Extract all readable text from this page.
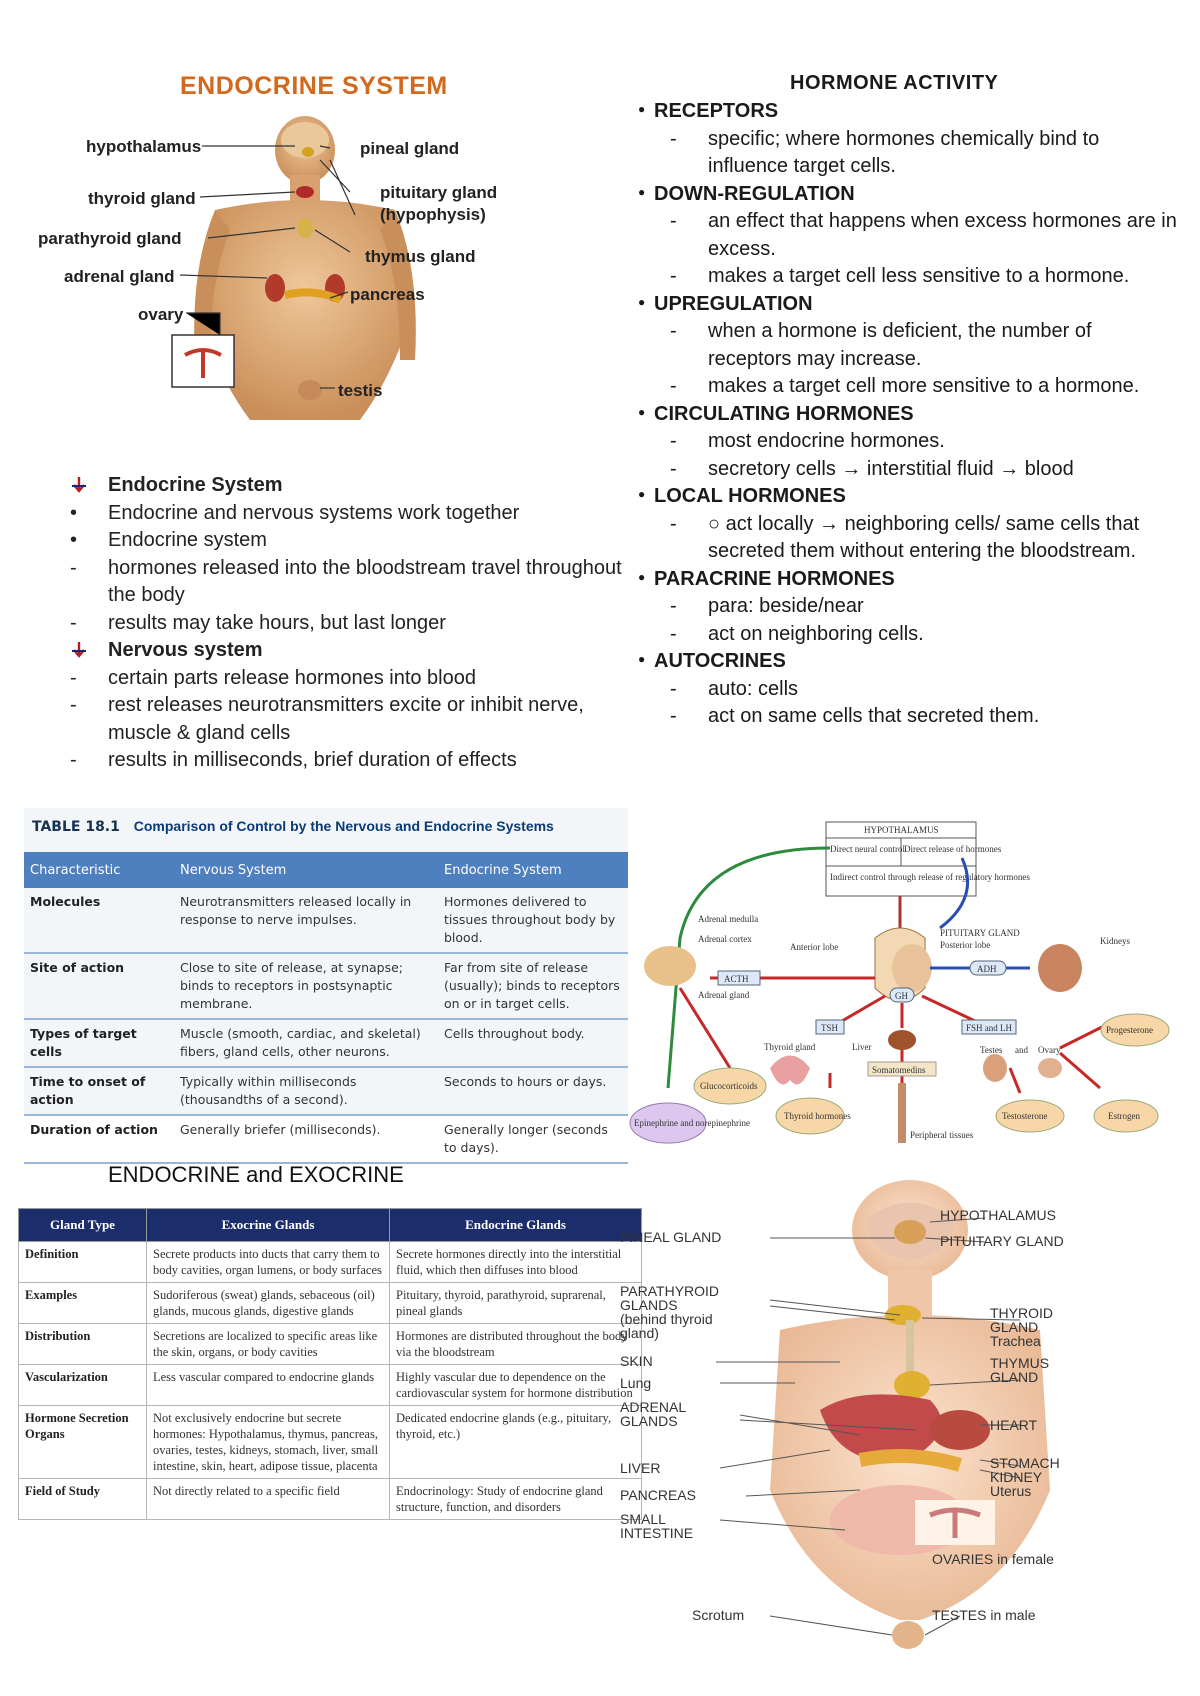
ENDOCRINE SYSTEM
hypothalamus	pineal gland
thyroid gland	pituitary gland
(hypophysis)
parathyroid gland
thymus gland
adrenal gland
pancreas
ovary
testis
Endocrine System
•	Endocrine and nervous systems work together
•	Endocrine system
-	hormones released into the bloodstream travel throughout the body
-	results may take hours, but last longer
Nervous system
-	certain parts release hormones into blood
-	rest releases neurotransmitters excite or inhibit nerve, muscle & gland cells
-	results in milliseconds, brief duration of effects
HORMONE ACTIVITY
● RECEPTORS
-	specific; where hormones chemically bind to influence target cells.
● DOWN-REGULATION
-	an effect that happens when excess hormones are in excess.
-	makes a target cell less sensitive to a hormone.
● UPREGULATION
-	when a hormone is deficient, the number of receptors may increase.
-	makes a target cell more sensitive to a hormone.
● CIRCULATING HORMONES
-	most endocrine hormones.
-	secretory cells → interstitial fluid → blood
● LOCAL HORMONES
-	○ act locally → neighboring cells/ same cells that secreted them without entering the bloodstream.
● PARACRINE HORMONES
-	para: beside/near
-	act on neighboring cells.
● AUTOCRINES
-	auto: cells
-	act on same cells that secreted them.
TABLE 18.1 Comparison of Control by the Nervous and Endocrine Systems
Characteristic	Nervous System	Endocrine System
Molecules	Neurotransmitters released locally in response to nerve impulses.	Hormones delivered to tissues throughout body by blood.
Site of action	Close to site of release, at synapse; binds to receptors in postsynaptic membrane.	Far from site of release (usually); binds to receptors on or in target cells.
Types of target cells	Muscle (smooth, cardiac, and skeletal) fibers, gland cells, other neurons.	Cells throughout body.
Time to onset of action	Typically within milliseconds (thousandths of a second).	Seconds to hours or days.
Duration of action	Generally briefer (milliseconds).	Generally longer (seconds to days).
ENDOCRINE and EXOCRINE
Gland Type	Exocrine Glands	Endocrine Glands
Definition	Secrete products into ducts that carry them to body cavities, organ lumens, or body surfaces	Secrete hormones directly into the interstitial fluid, which then diffuses into blood
Examples	Sudoriferous (sweat) glands, sebaceous (oil) glands, mucous glands, digestive glands	Pituitary, thyroid, parathyroid, suprarenal, pineal glands
Distribution	Secretions are localized to specific areas like the skin, organs, or body cavities	Hormones are distributed throughout the body via the bloodstream
Vascularization	Less vascular compared to endocrine glands	Highly vascular due to dependence on the cardiovascular system for hormone distribution
Hormone Secretion Organs	Not exclusively endocrine but secrete hormones: Hypothalamus, thymus, pancreas, ovaries, testes, kidneys, stomach, liver, small intestine, skin, heart, adipose tissue, placenta	Dedicated endocrine glands (e.g., pituitary, thyroid, etc.)
Field of Study	Not directly related to a specific field	Endocrinology: Study of endocrine gland structure, function, and disorders
HYPOTHALAMUS
Direct neural control Direct release of hormones
Indirect control through release of regulatory hormones
ACTH
ADH
TSH
GH
FSH and LH
Somatomedins
Adrenal medulla
Adrenal cortex
Adrenal gland
Anterior lobe
PITUITARY GLAND
Posterior lobe	Kidneys
Thyroid gland	Liver	Testes and Ovary
Progesterone
Glucocorticoids
Epinephrine and norepinephrine
Thyroid hormones
Peripheral tissues
Testosterone	Estrogen
HYPOTHALAMUS
PINEAL GLAND	PITUITARY GLAND
PARATHYROID
GLANDS
(behind thyroid
gland)
THYROID
GLAND
Trachea
SKIN	THYMUS
GLAND
Lung
ADRENAL
GLANDS	HEART
LIVER	STOMACH
KIDNEY
Uterus
PANCREAS
SMALL
INTESTINE
OVARIES in female
Scrotum	TESTES in male
